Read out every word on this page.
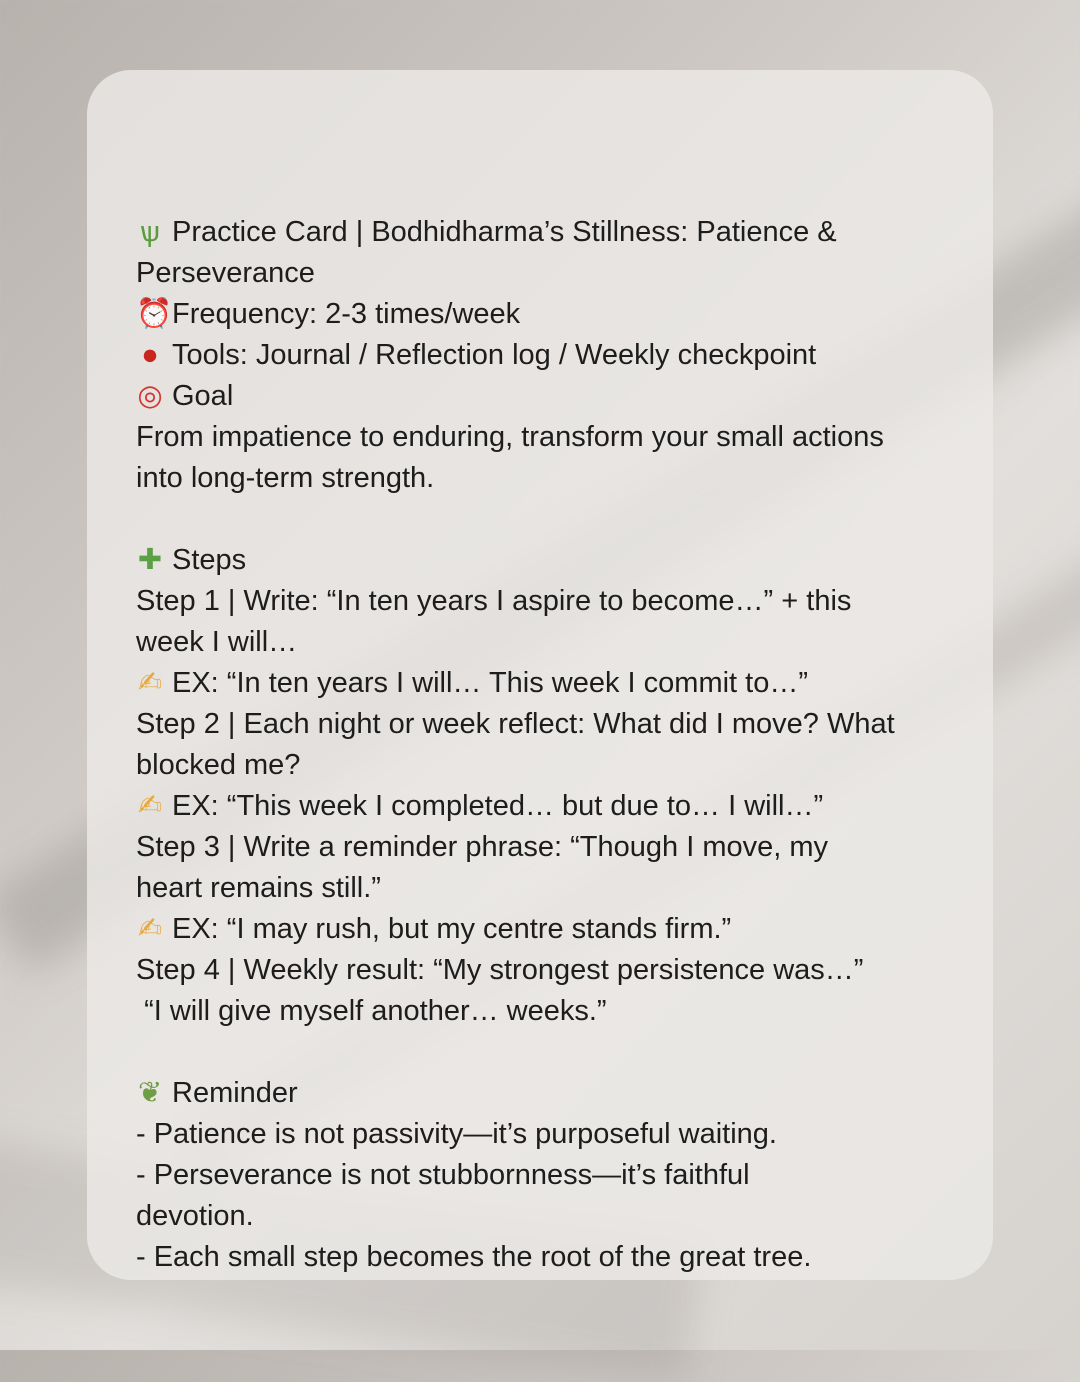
ѱ Practice Card | Bodhidharma’s Stillness: Patience &
Perseverance
⏰Frequency: 2-3 times/week
● Tools: Journal / Reflection log / Weekly checkpoint
◎ Goal
From impatience to enduring, transform your small actions
into long-term strength.
✚ Steps
Step 1 | Write: “In ten years I aspire to become…” + this
week I will…
✍ EX: “In ten years I will… This week I commit to…”
Step 2 | Each night or week reflect: What did I move? What
blocked me?
✍ EX: “This week I completed… but due to… I will…”
Step 3 | Write a reminder phrase: “Though I move, my
heart remains still.”
✍ EX: “I may rush, but my centre stands firm.”
Step 4 | Weekly result: “My strongest persistence was…”
“I will give myself another… weeks.”
❦ Reminder
- Patience is not passivity—it’s purposeful waiting.
- Perseverance is not stubbornness—it’s faithful
devotion.
- Each small step becomes the root of the great tree.
